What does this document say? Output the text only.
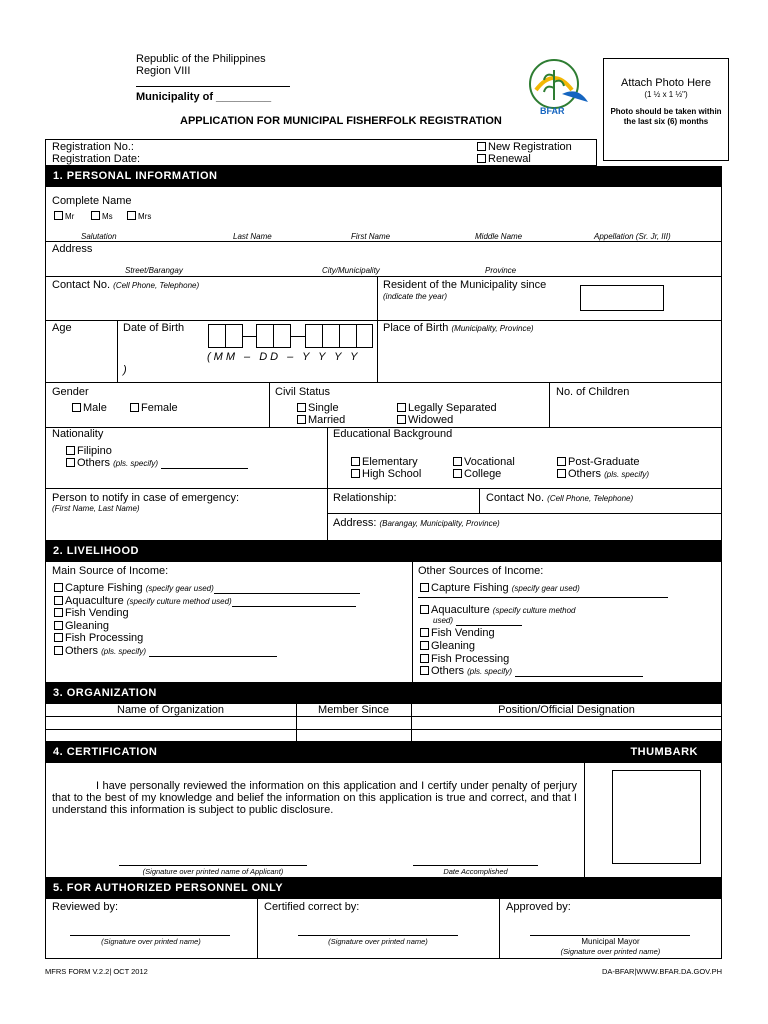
Republic of the Philippines
Region VIII
Municipality of _________
APPLICATION FOR MUNICIPAL FISHERFOLK REGISTRATION
BFAR
Attach Photo Here
(1 ½ x 1 ½")
Photo should be taken within the last six (6) months
Registration No.:
Registration Date:
New Registration
Renewal
1. PERSONAL INFORMATION
Complete Name
Mr	Ms	Mrs
Salutation	Last Name	First Name	Middle Name	Appellation (Sr. Jr, III)
Address
Street/Barangay	City/Municipality	Province
Contact No. (Cell Phone, Telephone)	Resident of the Municipality since
(indicate the year)
Age	Date of Birth
(MM – DD – Y Y Y Y
)
Place of Birth (Municipality, Province)
Gender
Male	Female
Civil Status
Single
Married
Legally Separated
Widowed
No. of Children
Nationality
Filipino
Others (pls. specify)
Educational Background
Elementary
High School
Vocational
College
Post-Graduate
Others (pls. specify)
Person to notify in case of emergency:
(First Name, Last Name)
Relationship:	Contact No. (Cell Phone, Telephone)
Address: (Barangay, Municipality, Province)
2. LIVELIHOOD
Main Source of Income:
Capture Fishing (specify gear used)
Aquaculture (specify culture method used)
Fish Vending
Gleaning
Fish Processing
Others (pls. specify)
Other Sources of Income:
Capture Fishing (specify gear used)
Aquaculture (specify culture method
used)
Fish Vending
Gleaning
Fish Processing
Others (pls. specify)
3. ORGANIZATION
Name of Organization	Member Since	Position/Official Designation
4. CERTIFICATION	THUMBARK
I have personally reviewed the information on this application and I certify under penalty of perjury that to the best of my knowledge and belief the information on this application is true and correct, and that I understand this information is subject to public disclosure.
(Signature over printed name of Applicant)	Date Accomplished
5. FOR AUTHORIZED PERSONNEL ONLY
Reviewed by:	Certified correct by:	Approved by:
(Signature over printed name)	(Signature over printed name)	Municipal Mayor
(Signature over printed name)
MFRS FORM V.2.2| OCT 2012	DA-BFAR|WWW.BFAR.DA.GOV.PH
